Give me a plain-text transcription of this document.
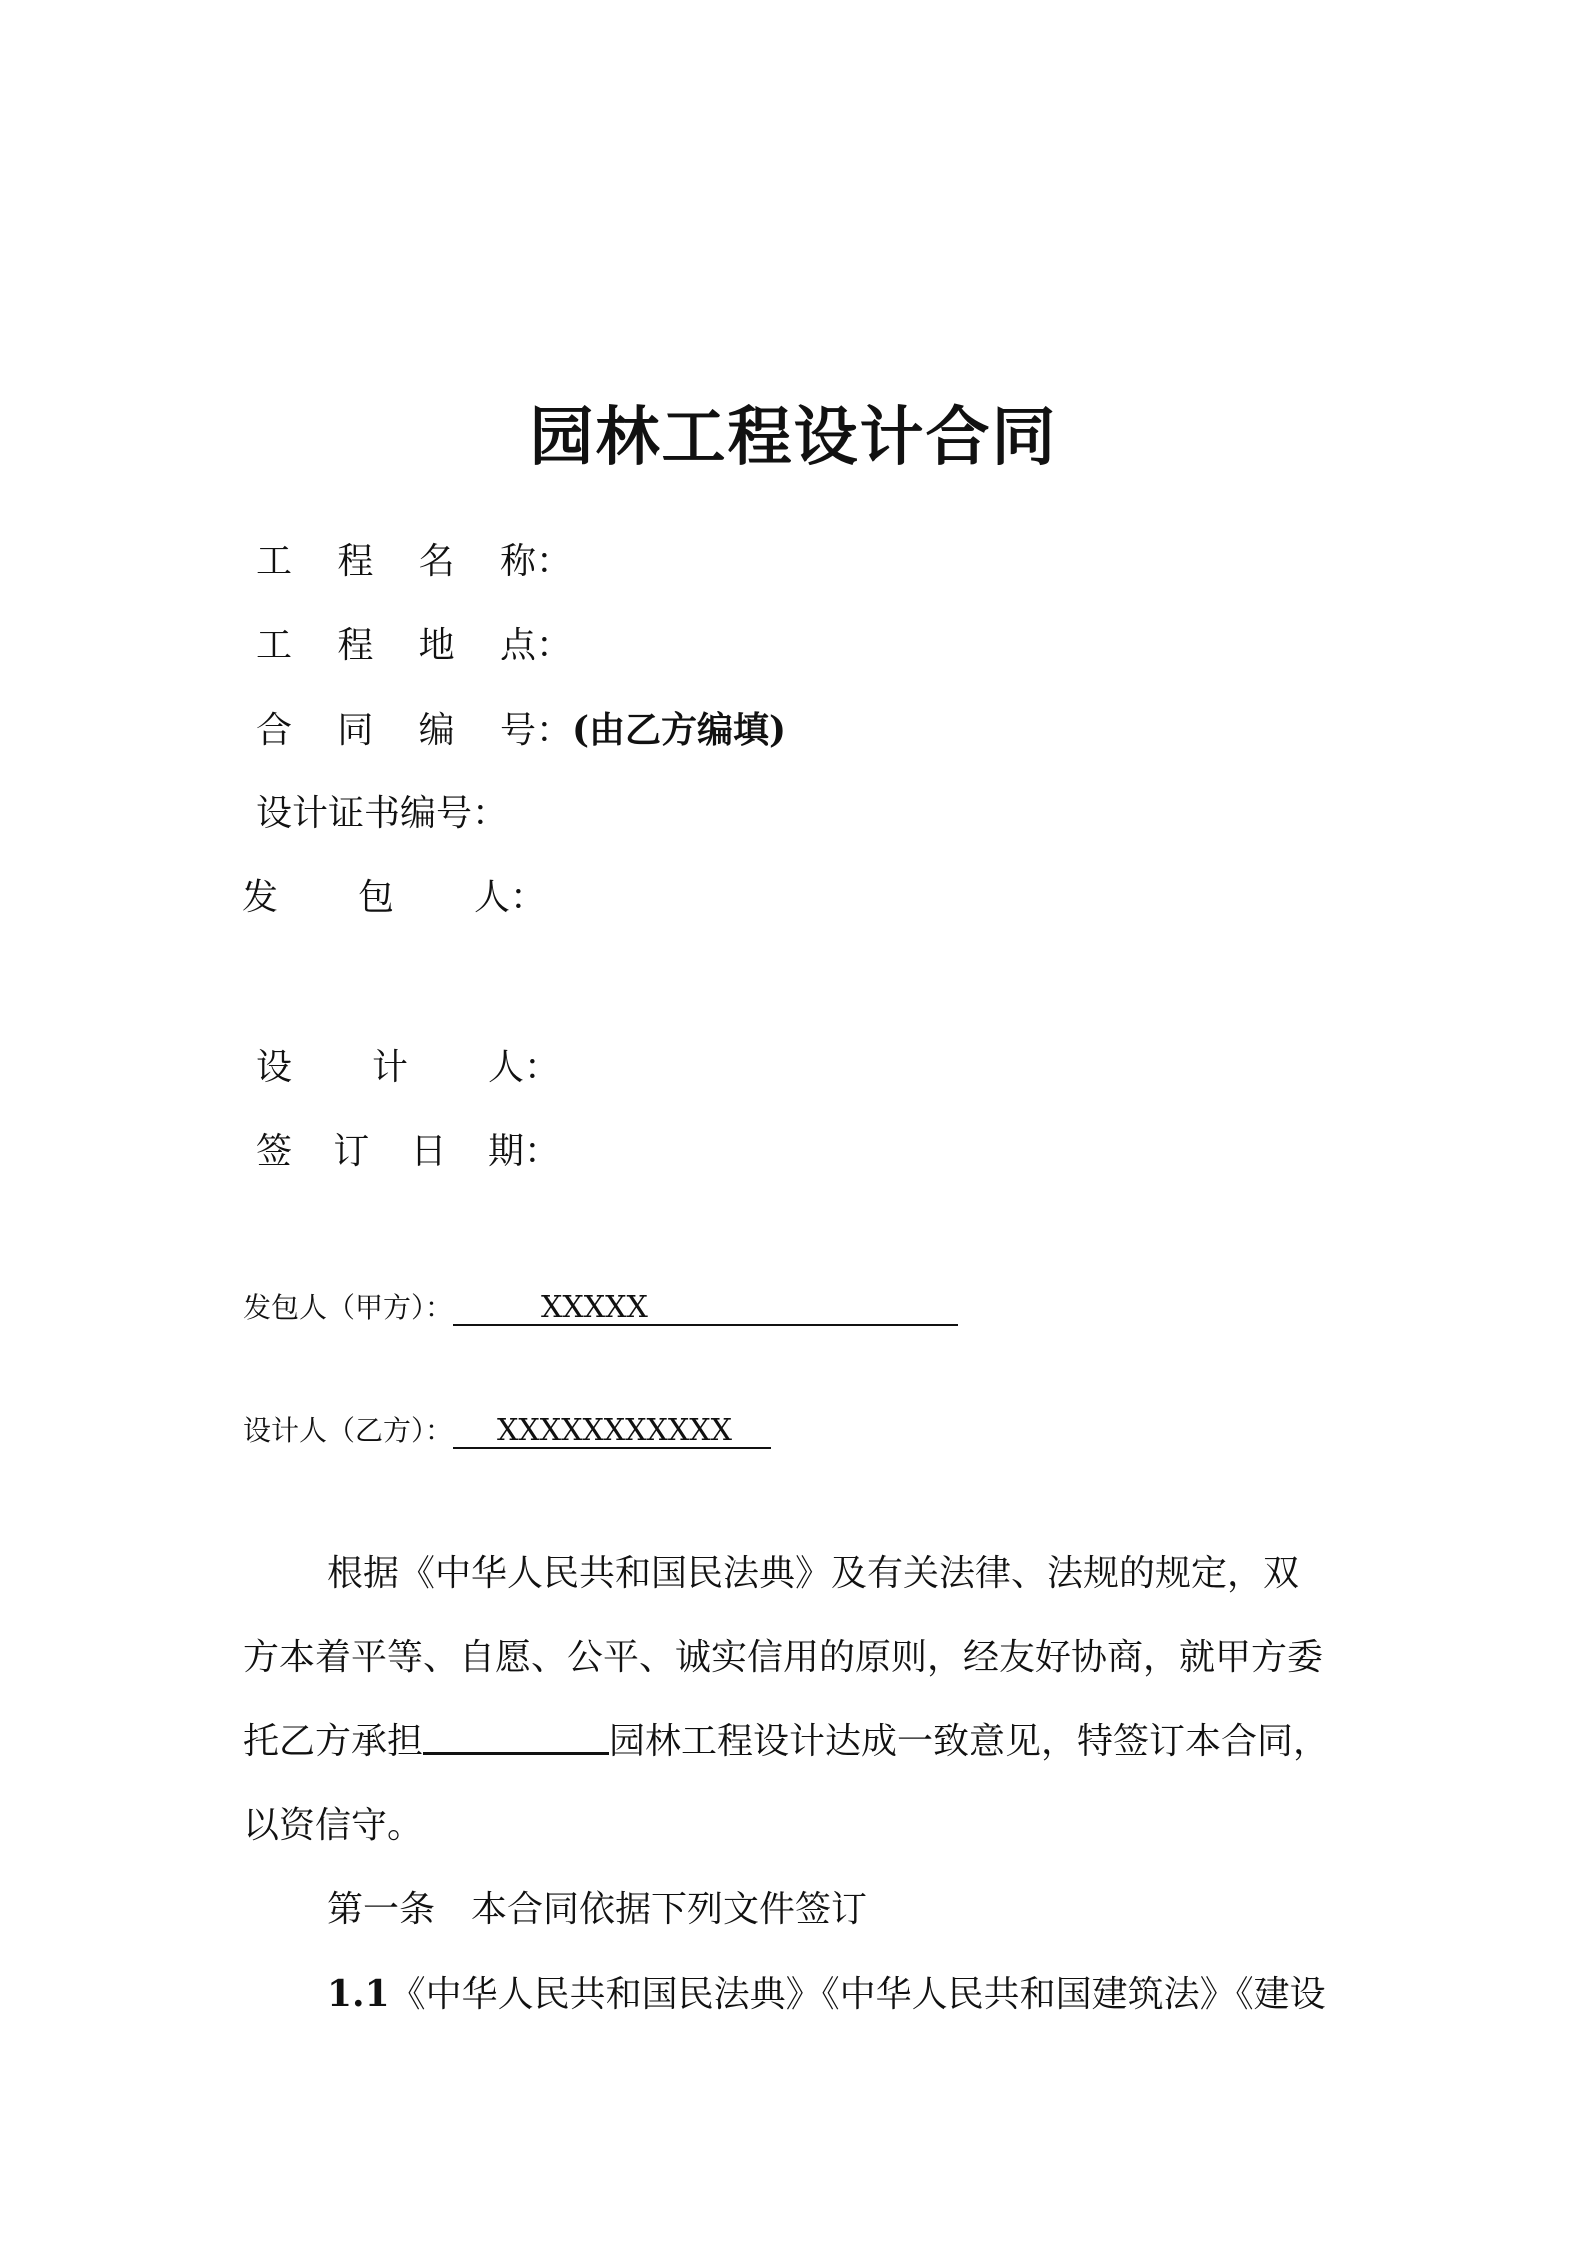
园林工程设计合同
工程名称：
工程地点：
合同编号：(由乙方编填)
设计证书编号：
发包人：
设计人：
签订日期：
发包人（甲方）：	XXXXX
设计人（乙方）： XXXXXXXXXXX
根据《中华人民共和国民法典》及有关法律、法规的规定，双
方本着平等、自愿、公平、诚实信用的原则，经友好协商，就甲方委
托乙方承担	园林工程设计达成一致意见，特签订本合同，
以资信守。
第一条　本合同依据下列文件签订
1.1《中华人民共和国民法典》《中华人民共和国建筑法》《建设
